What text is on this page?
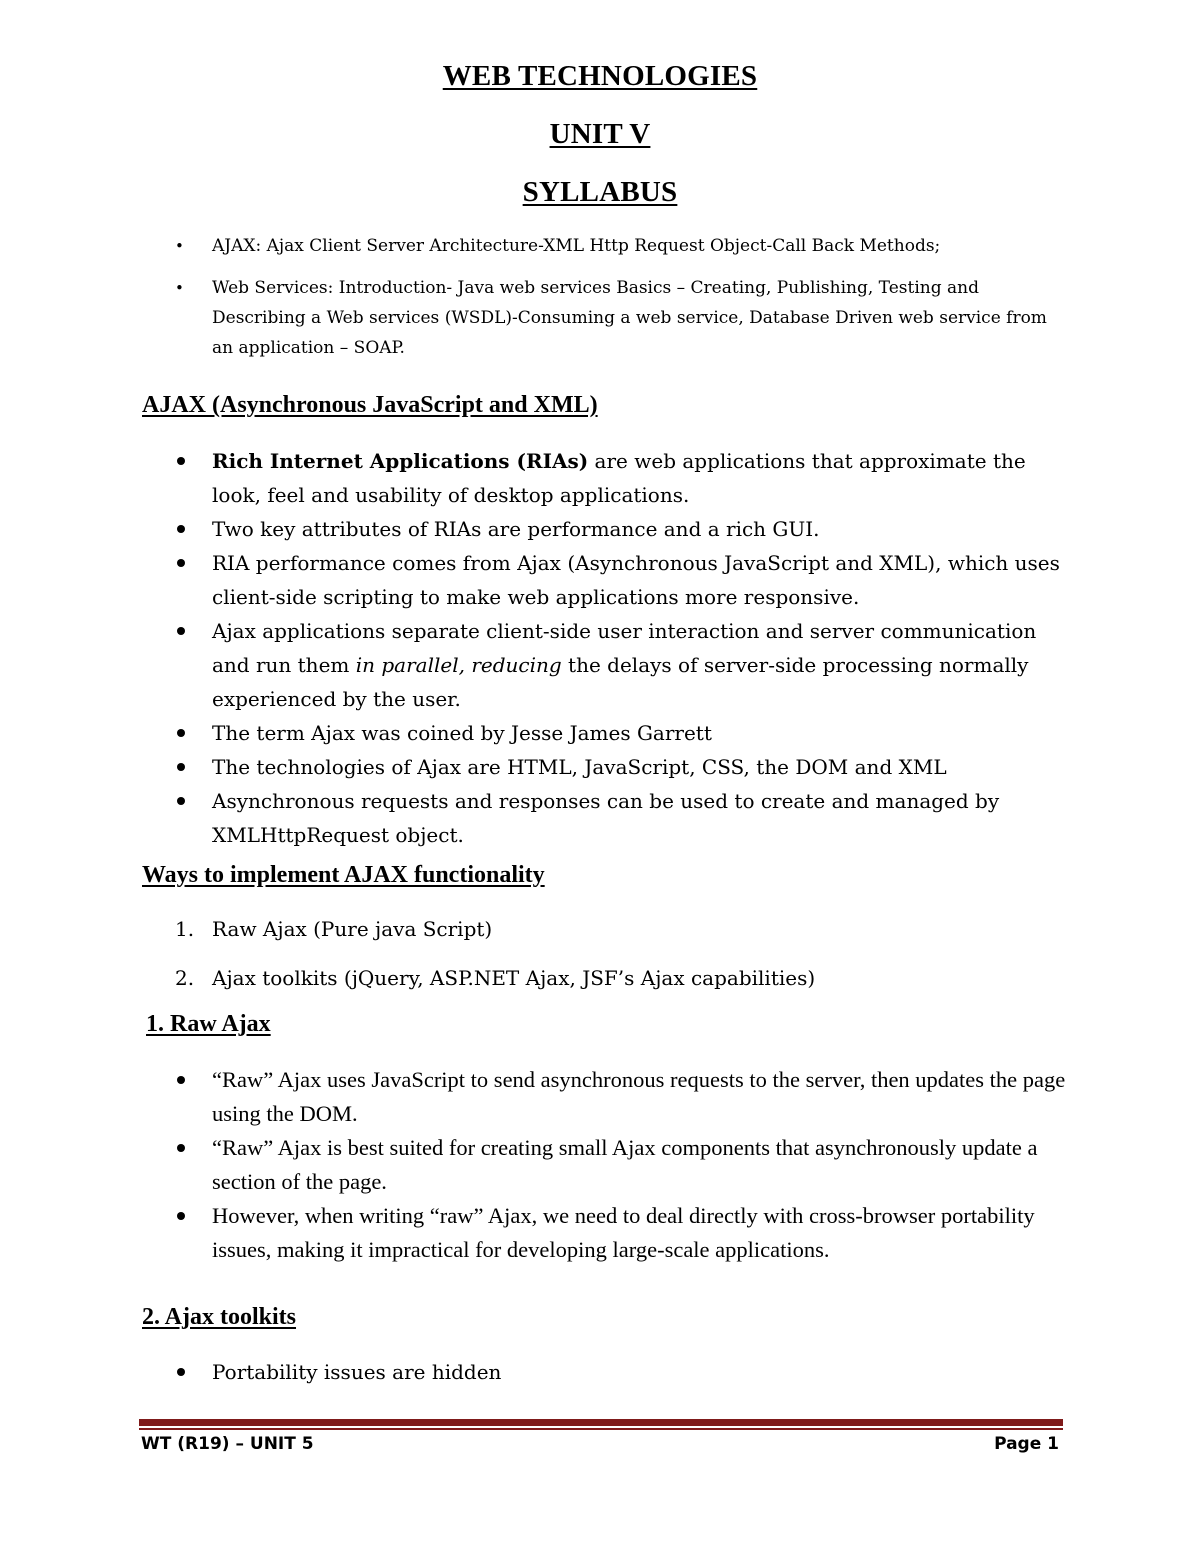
WEB TECHNOLOGIES
UNIT V
SYLLABUS
• AJAX: Ajax Client Server Architecture-XML Http Request Object-Call Back Methods;
• Web Services: Introduction- Java web services Basics – Creating, Publishing, Testing and Describing a Web services (WSDL)-Consuming a web service, Database Driven web service from an application – SOAP.
AJAX (Asynchronous JavaScript and XML)
Rich Internet Applications (RIAs) are web applications that approximate the look, feel and usability of desktop applications.
Two key attributes of RIAs are performance and a rich GUI.
RIA performance comes from Ajax (Asynchronous JavaScript and XML), which uses client-side scripting to make web applications more responsive.
Ajax applications separate client-side user interaction and server communication and run them in parallel, reducing the delays of server-side processing normally experienced by the user.
The term Ajax was coined by Jesse James Garrett
The technologies of Ajax are HTML, JavaScript, CSS, the DOM and XML
Asynchronous requests and responses can be used to create and managed by XMLHttpRequest object.
Ways to implement AJAX functionality
1. Raw Ajax (Pure java Script)
2. Ajax toolkits (jQuery, ASP.NET Ajax, JSF’s Ajax capabilities)
1. Raw Ajax
“Raw” Ajax uses JavaScript to send asynchronous requests to the server, then updates the page using the DOM.
“Raw” Ajax is best suited for creating small Ajax components that asynchronously update a section of the page.
However, when writing “raw” Ajax, we need to deal directly with cross-browser portability issues, making it impractical for developing large-scale applications.
2. Ajax toolkits
Portability issues are hidden
WT (R19) – UNIT 5	Page 1
